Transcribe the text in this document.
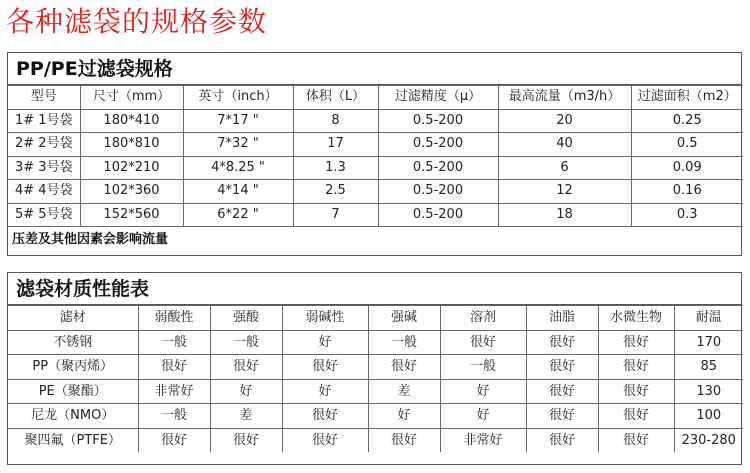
各种滤袋的规格参数
PP/PE过滤袋规格
型号	尺寸（mm）	英寸（inch）	体积（L）	过滤精度（μ）	最高流量（m3/h）	过滤面积（m2）
1# 1号袋	180*410	7*17 "	8	0.5-200	20	0.25
2# 2号袋	180*810	7*32 "	17	0.5-200	40	0.5
3# 3号袋	102*210	4*8.25 "	1.3	0.5-200	6	0.09
4# 4号袋	102*360	4*14 "	2.5	0.5-200	12	0.16
5# 5号袋	152*560	6*22 "	7	0.5-200	18	0.3
压差及其他因素会影响流量
滤袋材质性能表
滤材	弱酸性	强酸	弱碱性	强碱	溶剂	油脂	水微生物	耐温
不锈钢	一般	一般	好	一般	很好	很好	很好	170
PP（聚丙烯）	很好	很好	很好	很好	一般	很好	很好	85
PE（聚酯）	非常好	好	好	差	好	很好	很好	130
尼龙（NMO）	一般	差	很好	好	好	很好	很好	100
聚四氟（PTFE）	很好	很好	很好	很好	非常好	很好	很好	230-280
